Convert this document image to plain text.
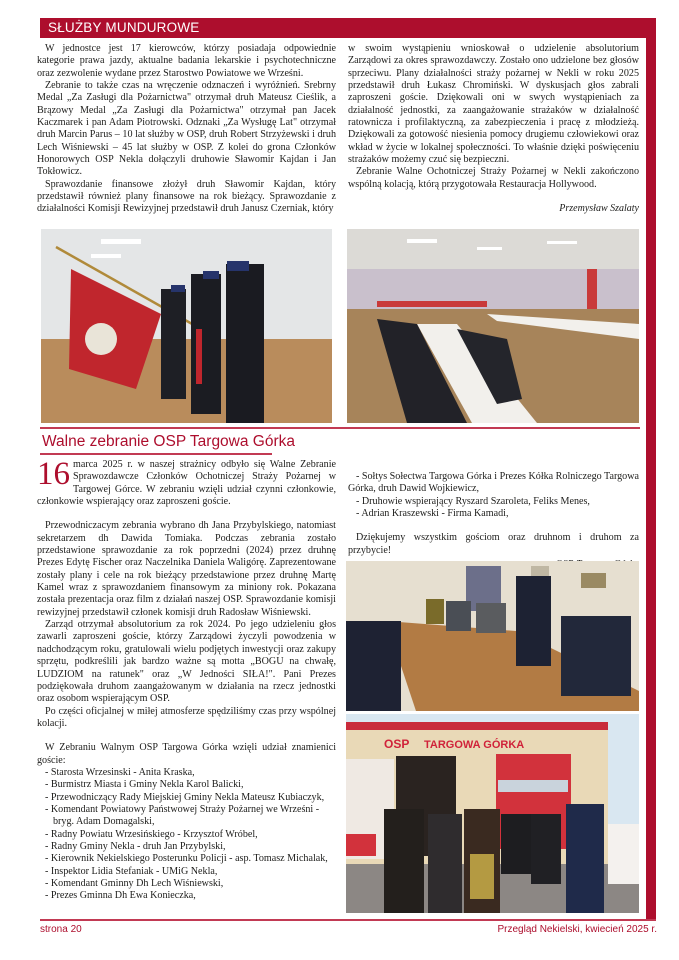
SŁUŻBY MUNDUROWE

W jednostce jest 17 kierowców, którzy posiadaja odpowiednie kategorie prawa jazdy, aktualne badania lekarskie i psychotechniczne oraz zezwolenie wydane przez Starostwo Powiatowe we Wrześni.

Zebranie to także czas na wręczenie odznaczeń i wyróżnień. Srebrny Medal „Za Zasługi dla Pożarnictwa" otrzymał druh Mateusz Cieślik, a Brązowy Medal „Za Zasługi dla Pożarnictwa" otrzymał pan Jacek Kaczmarek i pan Adam Piotrowski. Odznaki „Za Wysługę Lat" otrzymał druh Marcin Parus – 10 lat służby w OSP, druh Robert Strzyżewski i druh Lech Wiśniewski – 45 lat służby w OSP. Z kolei do grona Członków Honorowych OSP Nekla dołączyli druhowie Sławomir Kajdan i Jan Tokłowicz.

Sprawozdanie finansowe złożył druh Sławomir Kajdan, który przedstawił również plany finansowe na rok bieżący. Sprawozdanie z działalności Komisji Rewizyjnej przedstawił druh Janusz Czerniak, który

w swoim wystąpieniu wnioskował o udzielenie absolutorium Zarządowi za okres sprawozdawczy. Zostało ono udzielone bez głosów sprzeciwu. Plany działalności straży pożarnej w Nekli w roku 2025 przedstawił druh Łukasz Chromiński. W dyskusjach głos zabrali zaproszeni goście. Dziękowali oni w swych wystąpieniach za działalność jednostki, za zaangażowanie strażaków w działalność ratownicza i profilaktyczną, za zabezpieczenia i pracę z młodzieżą. Dziękowali za gotowość niesienia pomocy drugiemu człowiekowi oraz wkład w życie w lokalnej społeczności. To właśnie dzięki poświęceniu strażaków możemy czuć się bezpieczni.

Zebranie Walne Ochotniczej Straży Pożarnej w Nekli zakończono wspólną kolacją, którą przygotowała Restauracja Hollywood.

Przemysław Szalaty

Walne zebranie OSP Targowa Górka

16 marca 2025 r. w naszej strażnicy odbyło się Walne Zebranie Sprawozdawcze Członków Ochotniczej Straży Pożarnej w Targowej Górce. W zebraniu wzięli udział czynni członkowie, członkowie wspierający oraz zaproszeni goście.

Przewodniczacym zebrania wybrano dh Jana Przybylskiego, natomiast sekretarzem dh Dawida Tomiaka. Podczas zebrania zostało przedstawione sprawozdanie za rok poprzedni (2024) przez druhnę Prezes Edytę Fischer oraz Naczelnika Daniela Waligórę. Zaprezentowane zostały plany i cele na rok bieżący przedstawione przez druhnę Martę Kamel wraz z sprawozdaniem finansowym za miniony rok. Pokazana została prezentacja oraz film z działań naszej OSP. Sprawozdanie komisji rewizyjnej przedstawił członek komisji druh Radosław Wiśniewski.

Zarząd otrzymał absolutorium za rok 2024. Po jego udzieleniu głos zawarli zaproszeni goście, którzy Zarządowi życzyli powodzenia w nadchodzącym roku, gratulowali wielu podjętych inwestycji oraz zakupy sprzętu, podkreślili jak bardzo ważne są motta „BOGU na chwałę, LUDZIOM na ratunek" oraz „W Jedności SIŁA!". Pani Prezes podziękowała druhom zaangażowanym w działania na rzecz jednostki oraz osobom wspierającym OSP.

Po części oficjalnej w miłej atmosferze spędziliśmy czas przy wspólnej kolacji.

W Zebraniu Walnym OSP Targowa Górka wzięli udział znamienici goście:

- Starosta Wrzesinski - Anita Kraska,

- Burmistrz Miasta i Gminy Nekla Karol Balicki,

- Przewodniczący Rady Miejskiej Gminy Nekla Mateusz Kubiaczyk,

- Komendant Powiatowy Państwowej Straży Pożarnej we Wrześni -

bryg. Adam Domagalski,

- Radny Powiatu Wrzesińskiego - Krzysztof Wróbel,

- Radny Gminy Nekla - druh Jan Przybylski,

- Kierownik Nekielskiego Posterunku Policji - asp. Tomasz Michalak,

- Inspektor Lidia Stefaniak - UMiG Nekla,

- Komendant Gminny Dh Lech Wiśniewski,

- Prezes Gminna Dh Ewa Konieczka,

- Sołtys Sołectwa Targowa Górka i Prezes Kółka Rolniczego Targowa Górka, druh Dawid Wojkiewicz,

- Druhowie wspierający Ryszard Szaroleta, Feliks Menes,

- Adrian Kraszewski - Firma Kamadi,

Dziękujemy wszystkim gościom oraz druhnom i druhom za przybycie!

OSP TARGOWA GÓRKA
strona 20	Przegląd Nekielski, kwiecień 2025 r.
